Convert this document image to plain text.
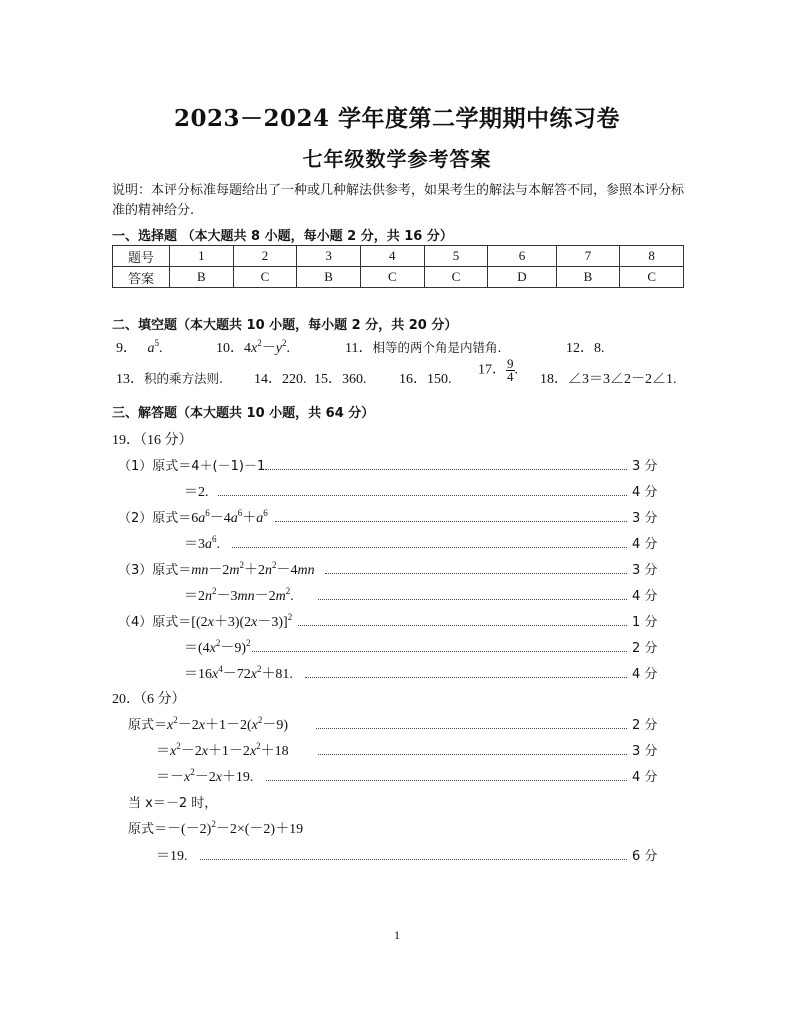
2023－2024 学年度第二学期期中练习卷
七年级数学参考答案
说明：本评分标准每题给出了一种或几种解法供参考，如果考生的解法与本解答不同，参照本评分标准的精神给分.
一、选择题 （本大题共 8 小题，每小题 2 分，共 16 分）
题号	1	2	3	4	5	6	7	8
答案	B	C	B	C	C	D	B	C
二、填空题（本大题共 10 小题，每小题 2 分，共 20 分）
9． $a^5$.	10．$4x^2-y^2$.	11．相等的两个角是内错角.	12．8.
13．积的乘方法则. 14．220. 15．360. 16．150.
17． $\frac{9}{4}$ .
18．∠3＝3∠2－2∠1.
三、解答题（本大题共 10 小题，共 64 分）
19．（16 分）
（1）原式＝4＋(－1)－1	3 分
＝2.	4 分
（2）原式$=6a^6-4a^6+a^6$	3 分
$=3a^6$.	4 分
（3）原式$=mn-2m^2+2n^2-4mn$	3 分
$=2n^2-3mn-2m^2$.	4 分
（4）原式$=[(2x+3)(2x-3)]^2$	1 分
$=(4x^2-9)^2$	2 分
$=16x^4-72x^2+81$.	4 分
20．（6 分）
原式$=x^2-2x+1-2(x^2-9)$	2 分
$=x^2-2x+1-2x^2+18$	3 分
$=-x^2-2x+19$.	4 分
当 x＝－2 时，
原式$=-(-2)^2-2\times(-2)+19$
＝19.	6 分
1
